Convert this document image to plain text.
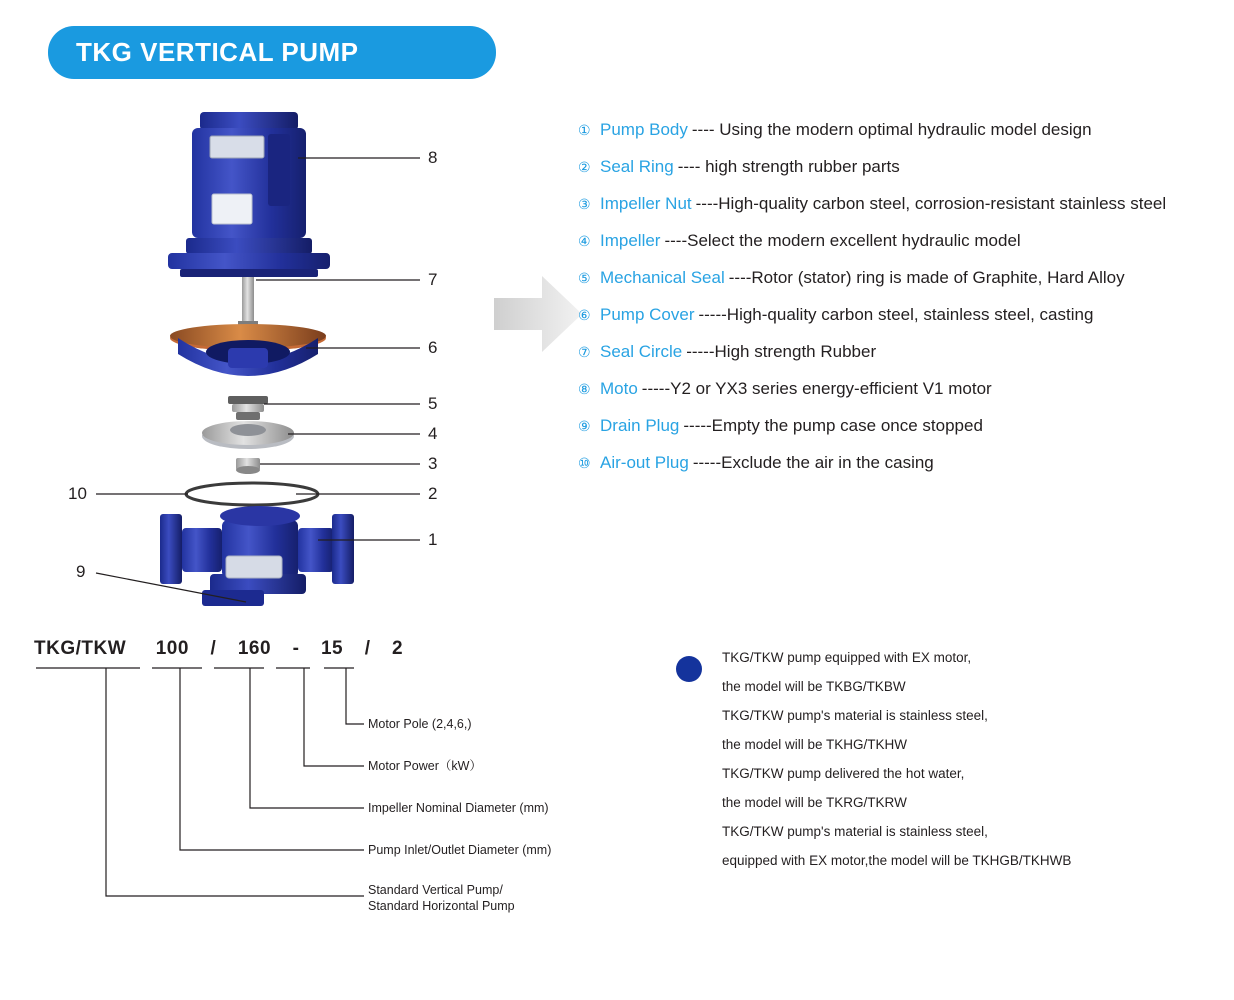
TKG VERTICAL PUMP
8
7
6
5
4
3
2
1
10
9
① Pump Body ---- Using the modern optimal hydraulic model design
② Seal Ring ---- high strength rubber parts
③ Impeller Nut ----High-quality carbon steel, corrosion-resistant stainless steel
④ Impeller ----Select the modern excellent hydraulic model
⑤ Mechanical Seal ----Rotor (stator) ring is made of Graphite, Hard Alloy
⑥ Pump Cover -----High-quality carbon steel, stainless steel, casting
⑦ Seal Circle -----High strength Rubber
⑧ Moto -----Y2 or YX3 series energy-efficient V1 motor
⑨ Drain Plug -----Empty the pump case once stopped
⑩ Air-out Plug -----Exclude the air in the casing
TKG/TKW 100 / 160 - 15 / 2
Motor Pole (2,4,6,)
Motor Power（kW）
Impeller Nominal Diameter (mm)
Pump Inlet/Outlet Diameter (mm)
Standard Vertical Pump/
Standard Horizontal Pump
TKG/TKW pump equipped with EX motor,
the model will be TKBG/TKBW
TKG/TKW pump's material is stainless steel,
the model will be TKHG/TKHW
TKG/TKW pump delivered the hot water,
the model will be TKRG/TKRW
TKG/TKW pump's material is stainless steel,
equipped with EX motor,the model will be TKHGB/TKHWB
